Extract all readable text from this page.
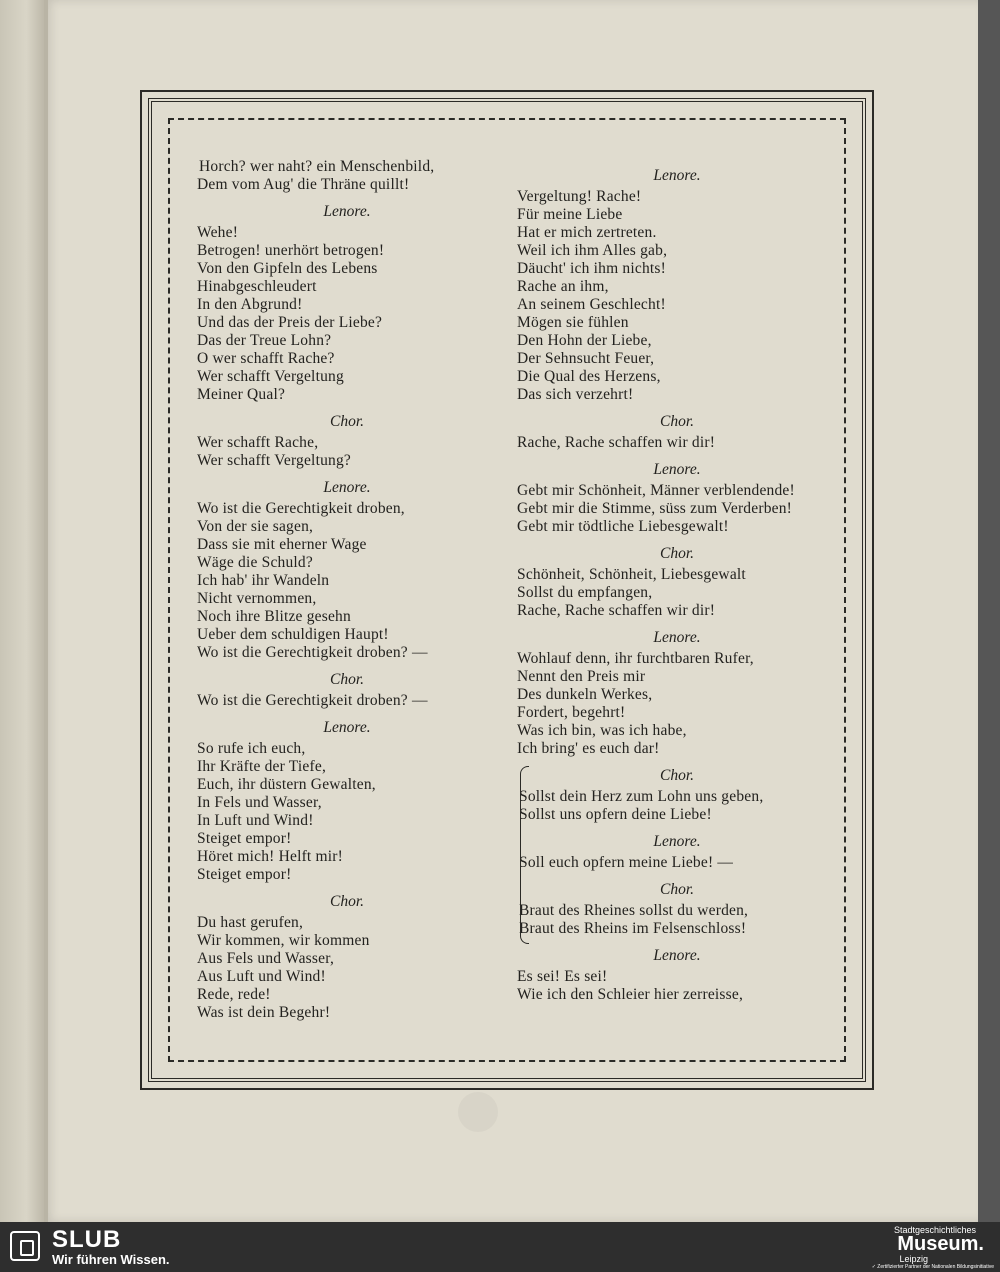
Horch? wer naht? ein Menschenbild,
Dem vom Aug' die Thräne quillt!
Lenore.
Wehe!
Betrogen! unerhört betrogen!
Von den Gipfeln des Lebens
Hinabgeschleudert
In den Abgrund!
Und das der Preis der Liebe?
Das der Treue Lohn?
O wer schafft Rache?
Wer schafft Vergeltung
Meiner Qual?
Chor.
Wer schafft Rache,
Wer schafft Vergeltung?
Lenore.
Wo ist die Gerechtigkeit droben,
Von der sie sagen,
Dass sie mit eherner Wage
Wäge die Schuld?
Ich hab' ihr Wandeln
Nicht vernommen,
Noch ihre Blitze gesehn
Ueber dem schuldigen Haupt!
Wo ist die Gerechtigkeit droben? —
Chor.
Wo ist die Gerechtigkeit droben? —
Lenore.
So rufe ich euch,
Ihr Kräfte der Tiefe,
Euch, ihr düstern Gewalten,
In Fels und Wasser,
In Luft und Wind!
Steiget empor!
Höret mich! Helft mir!
Steiget empor!
Chor.
Du hast gerufen,
Wir kommen, wir kommen
Aus Fels und Wasser,
Aus Luft und Wind!
Rede, rede!
Was ist dein Begehr!
Lenore.
Vergeltung! Rache!
Für meine Liebe
Hat er mich zertreten.
Weil ich ihm Alles gab,
Däucht' ich ihm nichts!
Rache an ihm,
An seinem Geschlecht!
Mögen sie fühlen
Den Hohn der Liebe,
Der Sehnsucht Feuer,
Die Qual des Herzens,
Das sich verzehrt!
Chor.
Rache, Rache schaffen wir dir!
Lenore.
Gebt mir Schönheit, Männer verblendende!
Gebt mir die Stimme, süss zum Verderben!
Gebt mir tödtliche Liebesgewalt!
Chor.
Schönheit, Schönheit, Liebesgewalt
Sollst du empfangen,
Rache, Rache schaffen wir dir!
Lenore.
Wohlauf denn, ihr furchtbaren Rufer,
Nennt den Preis mir
Des dunkeln Werkes,
Fordert, begehrt!
Was ich bin, was ich habe,
Ich bring' es euch dar!
Chor.
Sollst dein Herz zum Lohn uns geben,
Sollst uns opfern deine Liebe!
Lenore.
Soll euch opfern meine Liebe! —
Chor.
Braut des Rheines sollst du werden,
Braut des Rheins im Felsenschloss!
Lenore.
Es sei! Es sei!
Wie ich den Schleier hier zerreisse,
SLUB
Wir führen Wissen.
Stadtgeschichtliches
Museum.
Leipzig
✓ Zertifizierter Partner der Nationalen Bildungsinitiative
